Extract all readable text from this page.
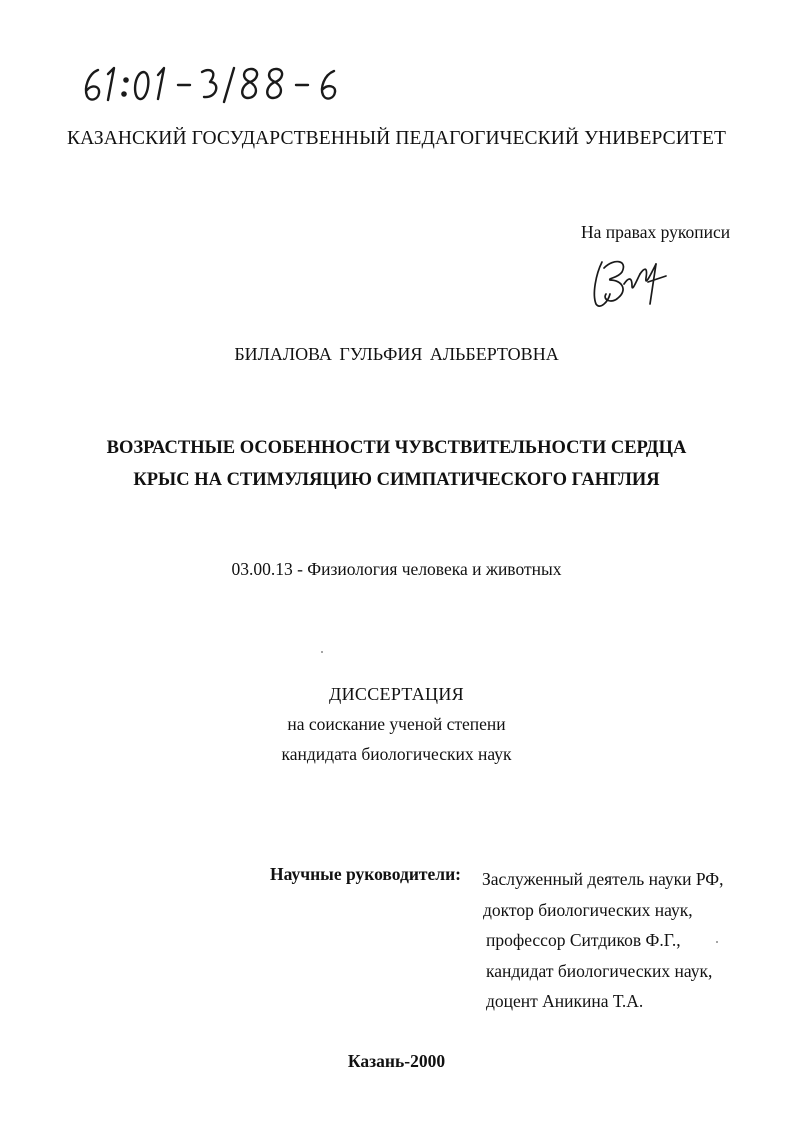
КАЗАНСКИЙ ГОСУДАРСТВЕННЫЙ ПЕДАГОГИЧЕСКИЙ УНИВЕРСИТЕТ
На правах рукописи
БИЛАЛОВА ГУЛЬФИЯ АЛЬБЕРТОВНА
ВОЗРАСТНЫЕ ОСОБЕННОСТИ ЧУВСТВИТЕЛЬНОСТИ СЕРДЦА
КРЫС НА СТИМУЛЯЦИЮ СИМПАТИЧЕСКОГО ГАНГЛИЯ
03.00.13 - Физиология человека и животных
ДИССЕРТАЦИЯ
на соискание ученой степени
кандидата биологических наук
Научные руководители: Заслуженный деятель науки РФ,
доктор биологических наук,
профессор Ситдиков Ф.Г.,
кандидат биологических наук,
доцент Аникина Т.А.
Казань-2000
